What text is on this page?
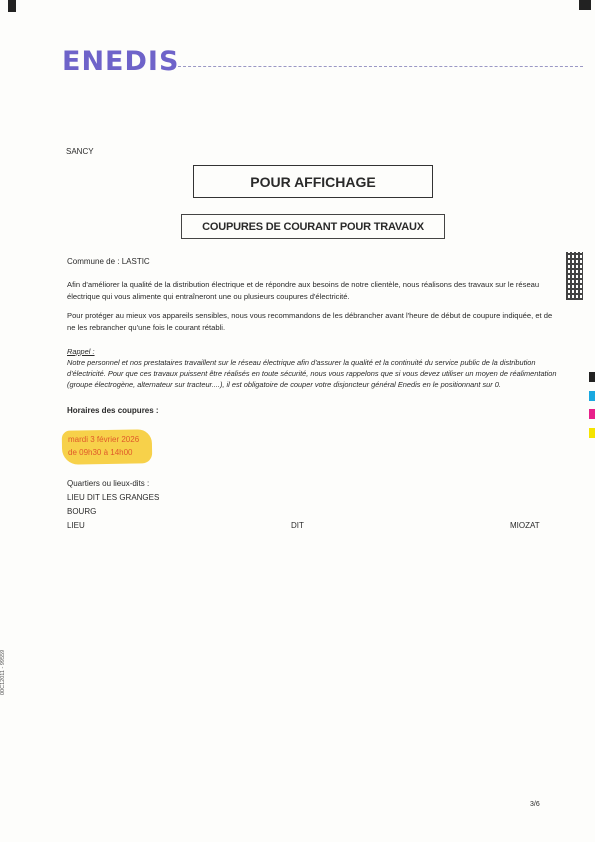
ENEDIS
SANCY
POUR AFFICHAGE
COUPURES DE COURANT POUR TRAVAUX
Commune de : LASTIC
Afin d'améliorer la qualité de la distribution électrique et de répondre aux besoins de notre clientèle, nous réalisons des travaux sur le réseau électrique qui vous alimente qui entraîneront une ou plusieurs coupures d'électricité.
Pour protéger au mieux vos appareils sensibles, nous vous recommandons de les débrancher avant l'heure de début de coupure indiquée, et de ne les rebrancher qu'une fois le courant rétabli.
Rappel :
Notre personnel et nos prestataires travaillent sur le réseau électrique afin d'assurer la qualité et la continuité du service public de la distribution d'électricité. Pour que ces travaux puissent être réalisés en toute sécurité, nous vous rappelons que si vous devez utiliser un moyen de réalimentation (groupe électrogène, alternateur sur tracteur....), il est obligatoire de couper votre disjoncteur général Enedis en le positionnant sur 0.
Horaires des coupures :
mardi 3 février 2026
de 09h30 à 14h00
Quartiers ou lieux-dits :
LIEU DIT LES GRANGES
BOURG
LIEU	DIT	MIOZAT
00C12011 - 99559
3/6
